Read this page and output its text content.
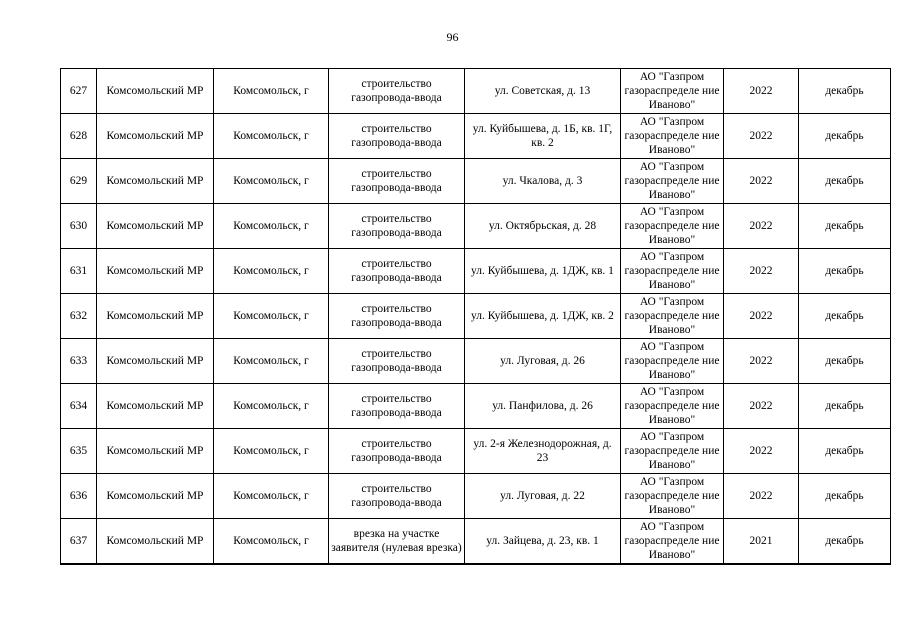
96
627	Комсомольский МР	Комсомольск, г	строительство газопровода-ввода	ул. Советская, д. 13	АО "Газпром газораспределе ние Иваново"	2022	декабрь
628	Комсомольский МР	Комсомольск, г	строительство газопровода-ввода	ул. Куйбышева, д. 1Б, кв. 1Г, кв. 2	АО "Газпром газораспределе ние Иваново"	2022	декабрь
629	Комсомольский МР	Комсомольск, г	строительство газопровода-ввода	ул. Чкалова, д. 3	АО "Газпром газораспределе ние Иваново"	2022	декабрь
630	Комсомольский МР	Комсомольск, г	строительство газопровода-ввода	ул. Октябрьская, д. 28	АО "Газпром газораспределе ние Иваново"	2022	декабрь
631	Комсомольский МР	Комсомольск, г	строительство газопровода-ввода	ул. Куйбышева, д. 1ДЖ, кв. 1	АО "Газпром газораспределе ние Иваново"	2022	декабрь
632	Комсомольский МР	Комсомольск, г	строительство газопровода-ввода	ул. Куйбышева, д. 1ДЖ, кв. 2	АО "Газпром газораспределе ние Иваново"	2022	декабрь
633	Комсомольский МР	Комсомольск, г	строительство газопровода-ввода	ул. Луговая, д. 26	АО "Газпром газораспределе ние Иваново"	2022	декабрь
634	Комсомольский МР	Комсомольск, г	строительство газопровода-ввода	ул. Панфилова, д. 26	АО "Газпром газораспределе ние Иваново"	2022	декабрь
635	Комсомольский МР	Комсомольск, г	строительство газопровода-ввода	ул. 2-я Железнодорожная, д. 23	АО "Газпром газораспределе ние Иваново"	2022	декабрь
636	Комсомольский МР	Комсомольск, г	строительство газопровода-ввода	ул. Луговая, д. 22	АО "Газпром газораспределе ние Иваново"	2022	декабрь
637	Комсомольский МР	Комсомольск, г	врезка на участке заявителя (нулевая врезка)	ул. Зайцева, д. 23, кв. 1	АО "Газпром газораспределе ние Иваново"	2021	декабрь
